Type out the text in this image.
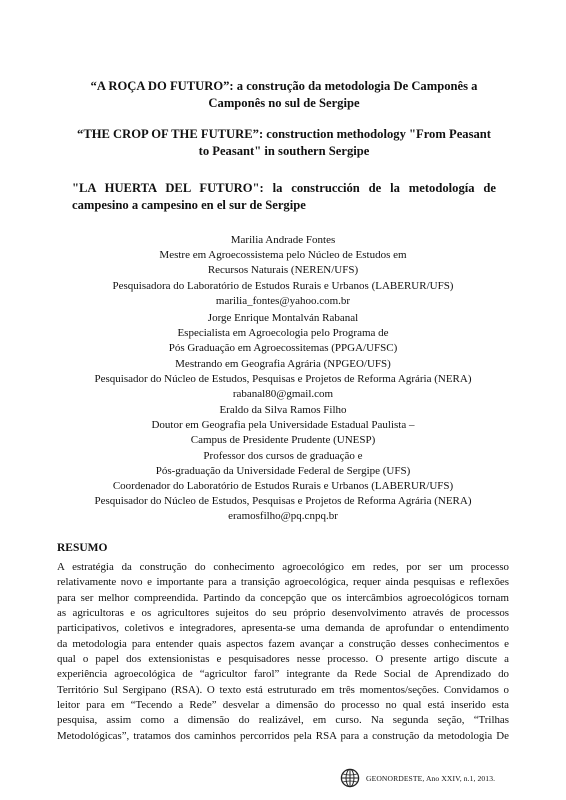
“A ROÇA DO FUTURO”: a construção da metodologia De Camponês a Camponês no sul de Sergipe
“THE CROP OF THE FUTURE”: construction methodology "From Peasant to Peasant" in southern Sergipe
"LA HUERTA DEL FUTURO": la construcción de la metodología de campesino a campesino en el sur de Sergipe
Marilia Andrade Fontes
Mestre em Agroecossistema pelo Núcleo de Estudos em
Recursos Naturais (NEREN/UFS)
Pesquisadora do Laboratório de Estudos Rurais e Urbanos (LABERUR/UFS)
marilia_fontes@yahoo.com.br
Jorge Enrique Montalván Rabanal
Especialista em Agroecologia pelo Programa de
Pós Graduação em Agroecossitemas (PPGA/UFSC)
Mestrando em Geografia Agrária (NPGEO/UFS)
Pesquisador do Núcleo de Estudos, Pesquisas e Projetos de Reforma Agrária (NERA)
rabanal80@gmail.com
Eraldo da Silva Ramos Filho
Doutor em Geografia pela Universidade Estadual Paulista –
Campus de Presidente Prudente (UNESP)
Professor dos cursos de graduação e
Pós-graduação da Universidade Federal de Sergipe (UFS)
Coordenador do Laboratório de Estudos Rurais e Urbanos (LABERUR/UFS)
Pesquisador do Núcleo de Estudos, Pesquisas e Projetos de Reforma Agrária (NERA)
eramosfilho@pq.cnpq.br
RESUMO
A estratégia da construção do conhecimento agroecológico em redes, por ser um processo
relativamente novo e importante para a transição agroecológica, requer ainda pesquisas e reflexões
para ser melhor compreendida. Partindo da concepção que os intercâmbios agroecológicos tornam
as agricultoras e os agricultores sujeitos do seu próprio desenvolvimento através de processos
participativos, coletivos e integradores, apresenta-se uma demanda de aprofundar o entendimento
da metodologia para entender quais aspectos fazem avançar a construção desses conhecimentos e
qual o papel dos extensionistas e pesquisadores nesse processo. O presente artigo discute a
experiência agroecológica de “agricultor farol” integrante da Rede Social de Aprendizado do
Território Sul Sergipano (RSA). O texto está estruturado em três momentos/seções. Convidamos o
leitor para em “Tecendo a Rede” desvelar a dimensão do processo no qual está inserido esta
pesquisa, assim como a dimensão do realizável, em curso. Na segunda seção, “Trilhas
Metodológicas”, tratamos dos caminhos percorridos pela RSA para a construção da metodologia De
GEONORDESTE, Ano XXIV, n.1, 2013.
